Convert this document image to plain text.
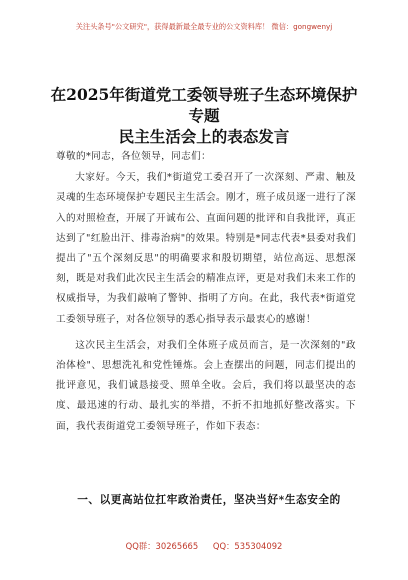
关注头条号"公文研究"，获得最新最全最专业的公文资料库！ 微信：gongwenyj
在2025年街道党工委领导班子生态环境保护专题
民主生活会上的表态发言

尊敬的*同志，各位领导，同志们：

大家好。今天，我们*街道党工委召开了一次深刻、严肃、触及灵魂的生态环境保护专题民主生活会。刚才，班子成员逐一进行了深入的对照检查，开展了开诚布公、直面问题的批评和自我批评，真正达到了"红脸出汗、排毒治病"的效果。特别是*同志代表*县委对我们提出了"五个深刻反思"的明确要求和殷切期望，站位高远、思想深刻，既是对我们此次民主生活会的精准点评，更是对我们未来工作的权威指导，为我们敲响了警钟、指明了方向。在此，我代表*街道党工委领导班子，对各位领导的悉心指导表示最衷心的感谢！

这次民主生活会，对我们全体班子成员而言，是一次深刻的"政治体检"、思想洗礼和党性锤炼。会上查摆出的问题，同志们提出的批评意见，我们诚恳接受、照单全收。会后，我们将以最坚决的态度、最迅速的行动、最扎实的举措，不折不扣地抓好整改落实。下面，我代表街道党工委领导班子，作如下表态：

一、以更高站位扛牢政治责任，坚决当好*生态安全的
QQ群：30265665 QQ：535304092
